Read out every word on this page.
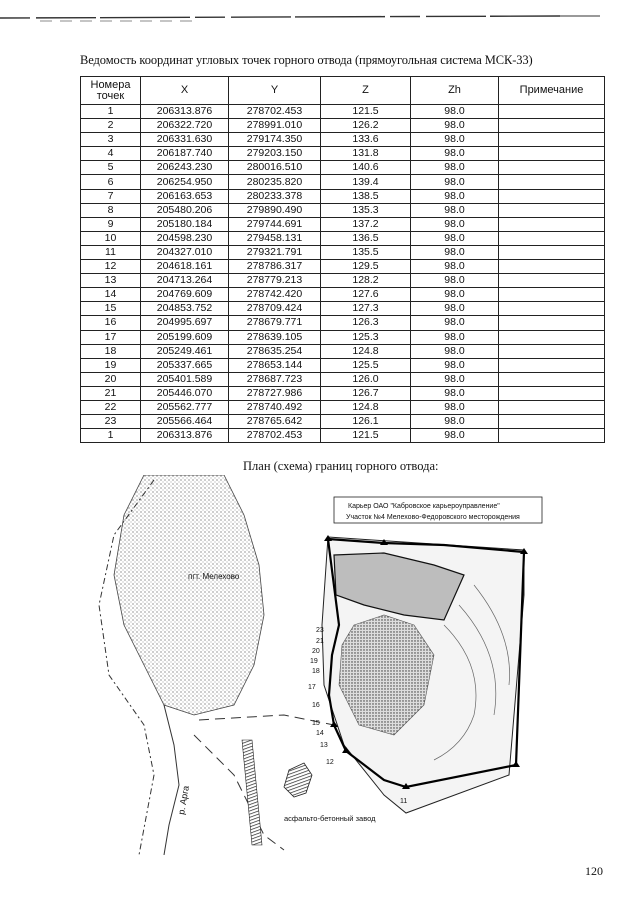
Ведомость координат угловых точек горного отвода (прямоугольная система МСК-33)
Номера точек	X	Y	Z	Zh	Примечание
1	206313.876	278702.453	121.5	98.0	
2	206322.720	278991.010	126.2	98.0	
3	206331.630	279174.350	133.6	98.0	
4	206187.740	279203.150	131.8	98.0	
5	206243.230	280016.510	140.6	98.0	
6	206254.950	280235.820	139.4	98.0	
7	206163.653	280233.378	138.5	98.0	
8	205480.206	279890.490	135.3	98.0	
9	205180.184	279744.691	137.2	98.0	
10	204598.230	279458.131	136.5	98.0	
11	204327.010	279321.791	135.5	98.0	
12	204618.161	278786.317	129.5	98.0	
13	204713.264	278779.213	128.2	98.0	
14	204769.609	278742.420	127.6	98.0	
15	204853.752	278709.424	127.3	98.0	
16	204995.697	278679.771	126.3	98.0	
17	205199.609	278639.105	125.3	98.0	
18	205249.461	278635.254	124.8	98.0	
19	205337.665	278653.144	125.5	98.0	
20	205401.589	278687.723	126.0	98.0	
21	205446.070	278727.986	126.7	98.0	
22	205562.777	278740.492	124.8	98.0	
23	205566.464	278765.642	126.1	98.0	
1	206313.876	278702.453	121.5	98.0	
План (схема) границ горного отвода:
Карьер ОАО "Кабровское карьероуправление"
Участок №4 Мелехово-Федоровского месторождения
пгт. Мелехово
р. Арга
асфальто-бетонный завод
23
21
20
19
18
17
16
15
14
13
12
11
120
